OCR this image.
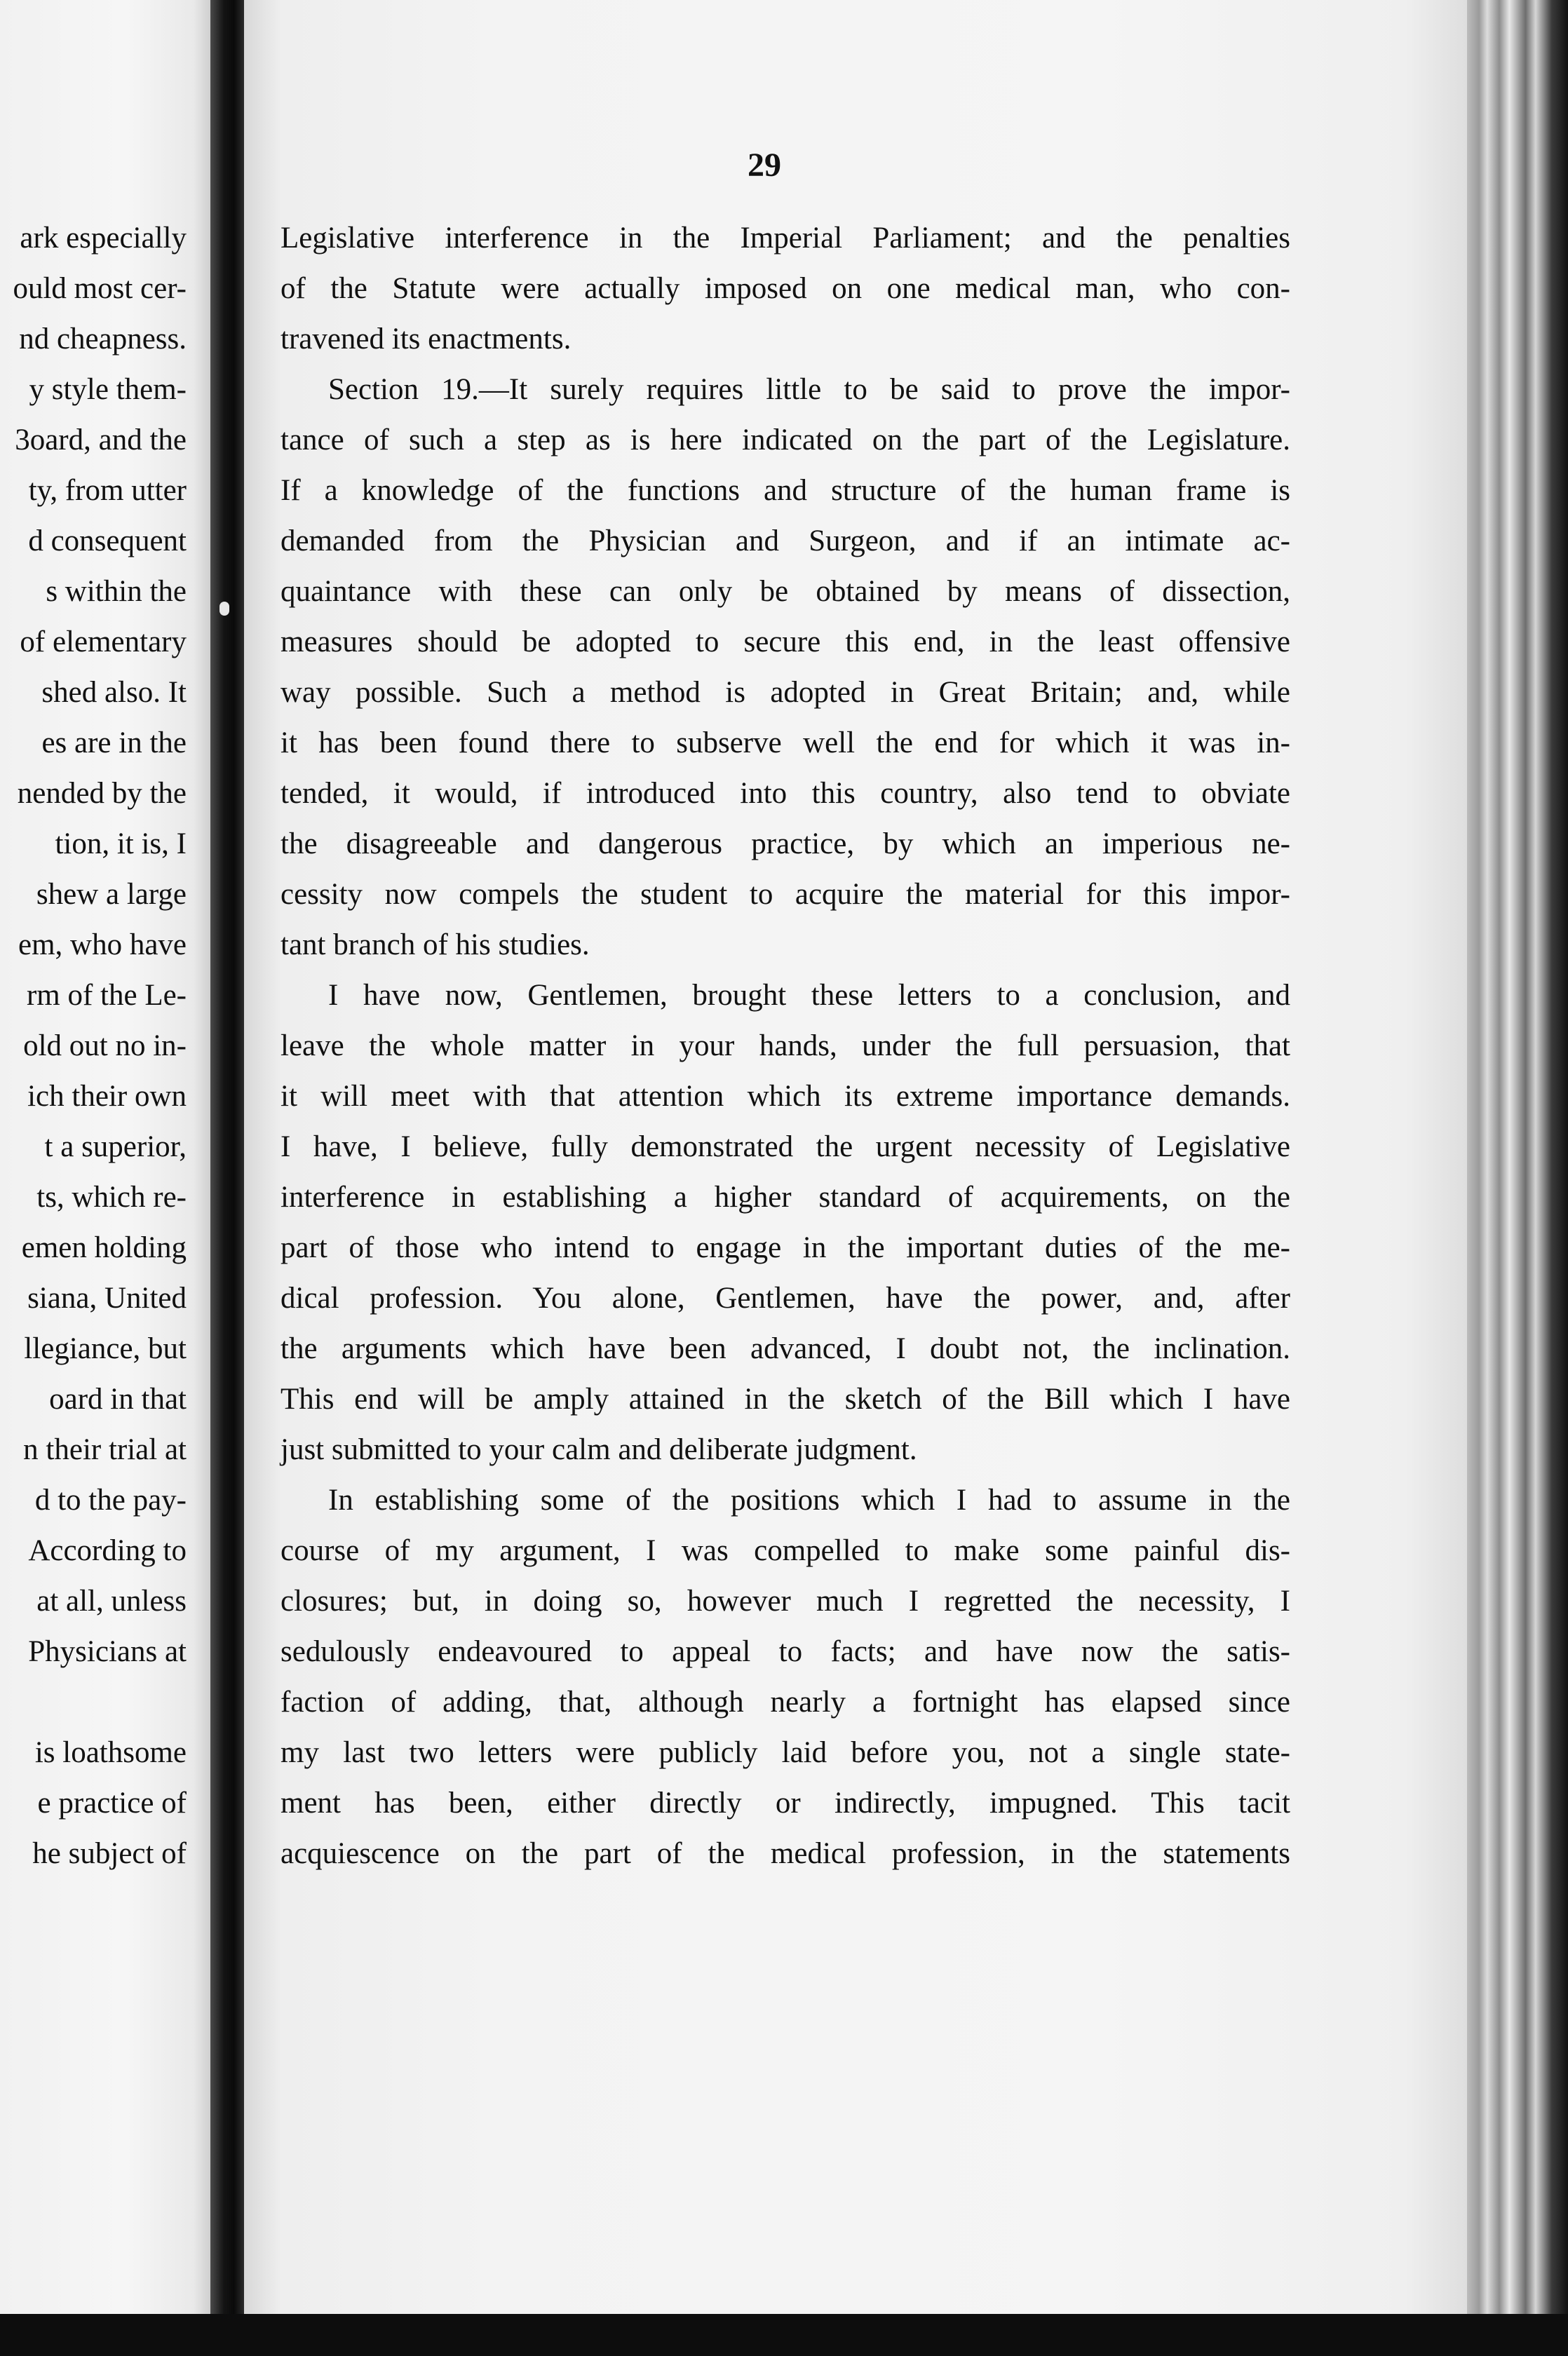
ark especially
ould most cer-
nd cheapness.
y style them-
3oard, and the
ty, from utter
d consequent
s within the
of elementary
shed also. It
es are in the
nended by the
tion, it is, I
shew a large
em, who have
rm of the Le-
old out no in-
ich their own
t a superior,
ts, which re-
emen holding
siana, United
llegiance, but
oard in that
n their trial at
d to the pay-
According to
at all, unless
Physicians at
is loathsome
e practice of
he subject of
29
Legislative interference in the Imperial Parliament; and the penalties
of the Statute were actually imposed on one medical man, who con-
travened its enactments.
Section 19.—It surely requires little to be said to prove the impor-
tance of such a step as is here indicated on the part of the Legislature.
If a knowledge of the functions and structure of the human frame is
demanded from the Physician and Surgeon, and if an intimate ac-
quaintance with these can only be obtained by means of dissection,
measures should be adopted to secure this end, in the least offensive
way possible. Such a method is adopted in Great Britain; and, while
it has been found there to subserve well the end for which it was in-
tended, it would, if introduced into this country, also tend to obviate
the disagreeable and dangerous practice, by which an imperious ne-
cessity now compels the student to acquire the material for this impor-
tant branch of his studies.
I have now, Gentlemen, brought these letters to a conclusion, and
leave the whole matter in your hands, under the full persuasion, that
it will meet with that attention which its extreme importance demands.
I have, I believe, fully demonstrated the urgent necessity of Legislative
interference in establishing a higher standard of acquirements, on the
part of those who intend to engage in the important duties of the me-
dical profession. You alone, Gentlemen, have the power, and, after
the arguments which have been advanced, I doubt not, the inclination.
This end will be amply attained in the sketch of the Bill which I have
just submitted to your calm and deliberate judgment.
In establishing some of the positions which I had to assume in the
course of my argument, I was compelled to make some painful dis-
closures; but, in doing so, however much I regretted the necessity, I
sedulously endeavoured to appeal to facts; and have now the satis-
faction of adding, that, although nearly a fortnight has elapsed since
my last two letters were publicly laid before you, not a single state-
ment has been, either directly or indirectly, impugned. This tacit
acquiescence on the part of the medical profession, in the statements
